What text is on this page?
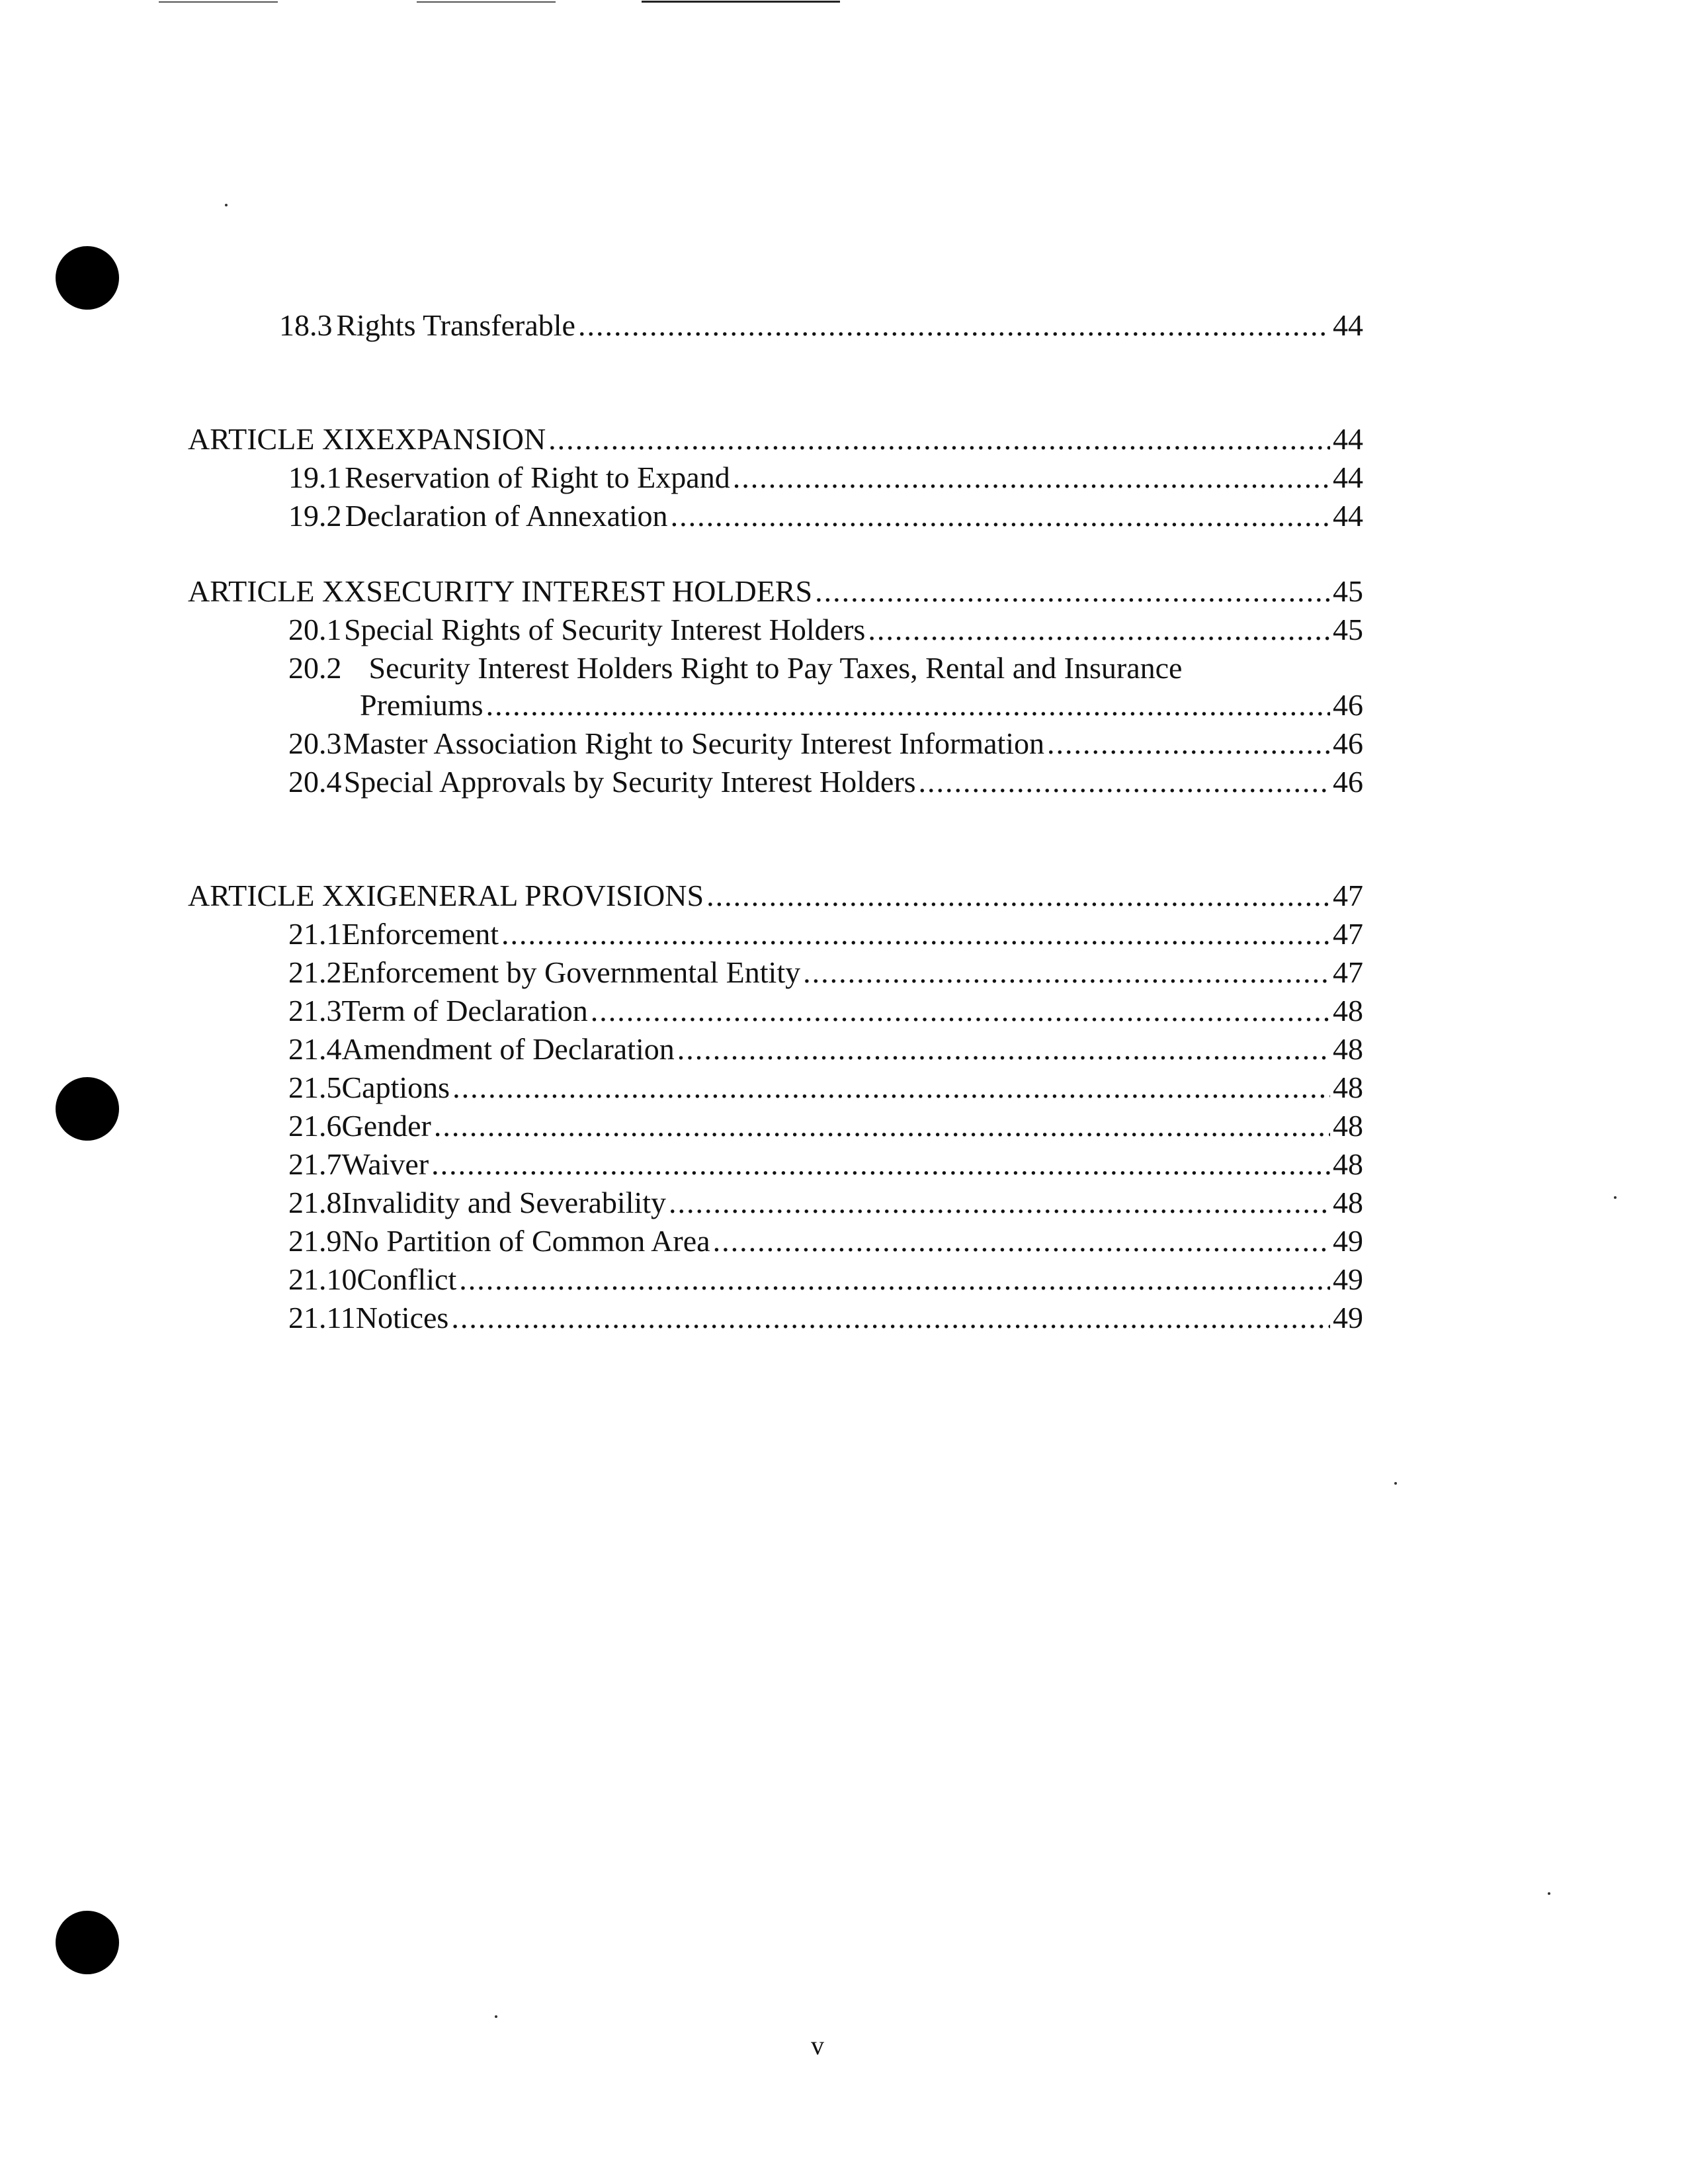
18.3 Rights Transferable .....	44
ARTICLE XIX EXPANSION .....	44
19.1 Reservation of Right to Expand .....	44
19.2 Declaration of Annexation .....	44
ARTICLE XX SECURITY INTEREST HOLDERS .....	45
20.1 Special Rights of Security Interest Holders .....	45
20.2 Security Interest Holders Right to Pay Taxes, Rental and Insurance
Premiums .....	46
20.3 Master Association Right to Security Interest Information .....	46
20.4 Special Approvals by Security Interest Holders .....	46
ARTICLE XXI GENERAL PROVISIONS .....	47
21.1 Enforcement .....	47
21.2 Enforcement by Governmental Entity .....	47
21.3 Term of Declaration .....	48
21.4 Amendment of Declaration .....	48
21.5 Captions .....	48
21.6 Gender .....	48
21.7 Waiver .....	48
21.8 Invalidity and Severability .....	48
21.9 No Partition of Common Area .....	49
21.10 Conflict .....	49
21.11 Notices .....	49
v
